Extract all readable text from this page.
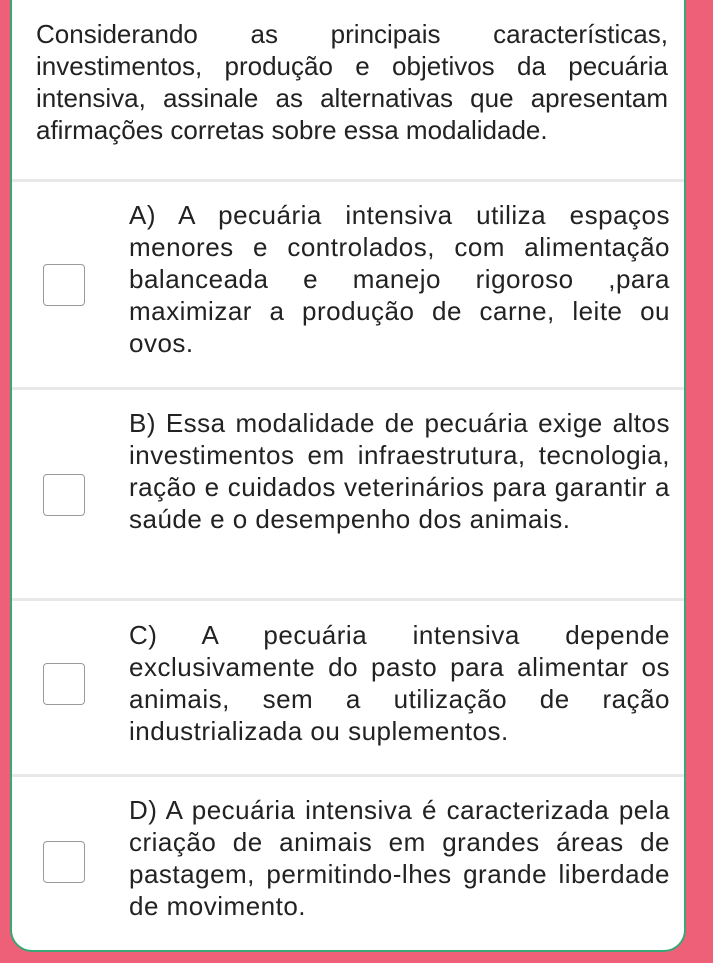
Considerando as principais características, investimentos, produção e objetivos da pecuária intensiva, assinale as alternativas que apresentam afirmações corretas sobre essa modalidade.
A) A pecuária intensiva utiliza espaços menores e controlados, com alimentação balanceada e manejo rigoroso ,para maximizar a produção de carne, leite ou ovos.
B) Essa modalidade de pecuária exige altos investimentos em infraestrutura, tecnologia, ração e cuidados veterinários para garantir a saúde e o desempenho dos animais.
C) A pecuária intensiva depende exclusivamente do pasto para alimentar os animais, sem a utilização de ração industrializada ou suplementos.
D) A pecuária intensiva é caracterizada pela criação de animais em grandes áreas de pastagem, permitindo-lhes grande liberdade de movimento.
